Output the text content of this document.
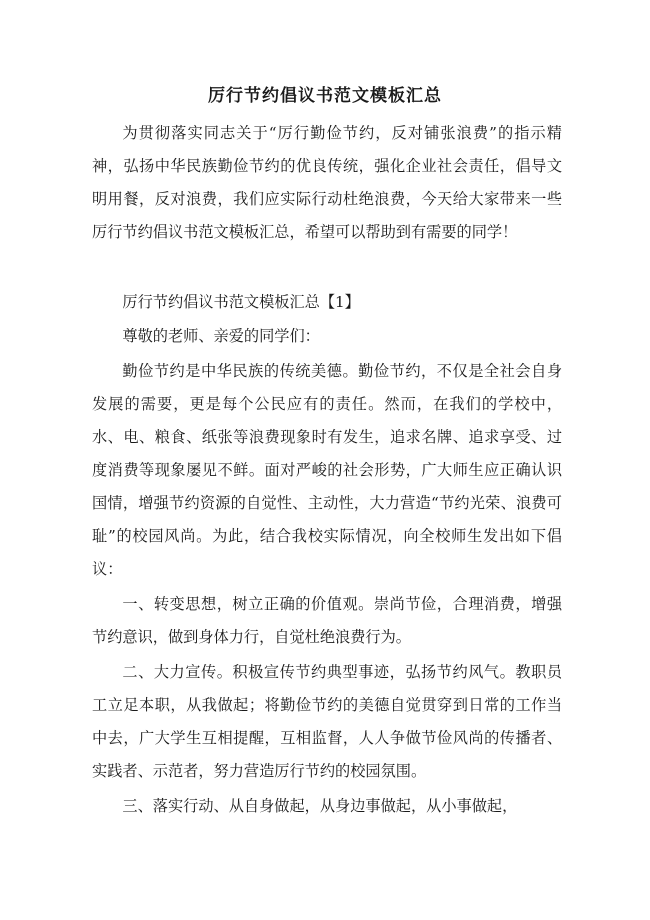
厉行节约倡议书范文模板汇总

为贯彻落实同志关于“厉行勤俭节约，反对铺张浪费”的指示精神，弘扬中华民族勤俭节约的优良传统，强化企业社会责任，倡导文明用餐，反对浪费，我们应实际行动杜绝浪费，今天给大家带来一些厉行节约倡议书范文模板汇总，希望可以帮助到有需要的同学！

厉行节约倡议书范文模板汇总【1】

尊敬的老师、亲爱的同学们：

勤俭节约是中华民族的传统美德。勤俭节约，不仅是全社会自身发展的需要，更是每个公民应有的责任。然而，在我们的学校中，水、电、粮食、纸张等浪费现象时有发生，追求名牌、追求享受、过度消费等现象屡见不鲜。面对严峻的社会形势，广大师生应正确认识国情，增强节约资源的自觉性、主动性，大力营造“节约光荣、浪费可耻”的校园风尚。为此，结合我校实际情况，向全校师生发出如下倡议：

一、转变思想，树立正确的价值观。崇尚节俭，合理消费，增强节约意识，做到身体力行，自觉杜绝浪费行为。

二、大力宣传。积极宣传节约典型事迹，弘扬节约风气。教职员工立足本职，从我做起；将勤俭节约的美德自觉贯穿到日常的工作当中去，广大学生互相提醒，互相监督，人人争做节俭风尚的传播者、实践者、示范者，努力营造厉行节约的校园氛围。

三、落实行动、从自身做起，从身边事做起，从小事做起，
